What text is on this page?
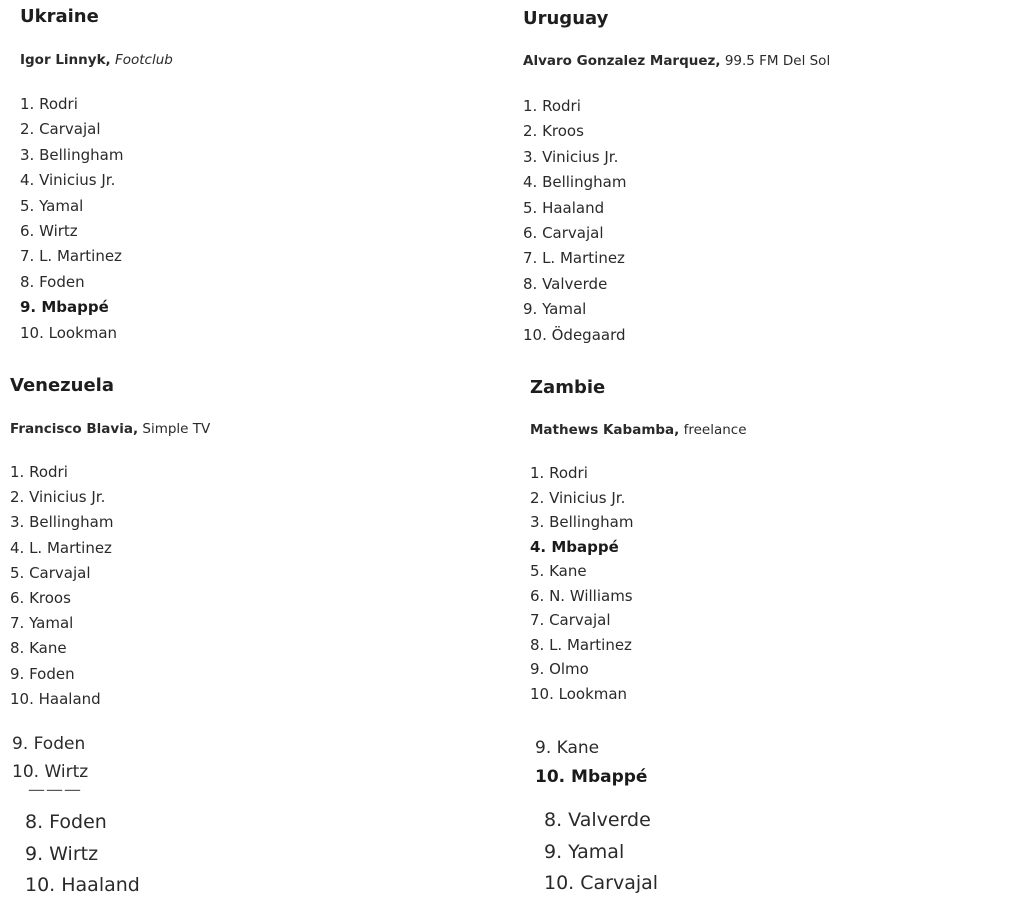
Ukraine

Igor Linnyk, Footclub

1. Rodri
2. Carvajal
3. Bellingham
4. Vinicius Jr.
5. Yamal
6. Wirtz
7. L. Martinez
8. Foden
9. Mbappé
10. Lookman
Uruguay

Alvaro Gonzalez Marquez, 99.5 FM Del Sol

1. Rodri
2. Kroos
3. Vinicius Jr.
4. Bellingham
5. Haaland
6. Carvajal
7. L. Martinez
8. Valverde
9. Yamal
10. Ödegaard
Venezuela

Francisco Blavia, Simple TV

1. Rodri
2. Vinicius Jr.
3. Bellingham
4. L. Martinez
5. Carvajal
6. Kroos
7. Yamal
8. Kane
9. Foden
10. Haaland
Zambie

Mathews Kabamba, freelance

1. Rodri
2. Vinicius Jr.
3. Bellingham
4. Mbappé
5. Kane
6. N. Williams
7. Carvajal
8. L. Martinez
9. Olmo
10. Lookman
9. Foden
10. Wirtz
9. Kane
10. Mbappé
———
8. Foden
9. Wirtz
10. Haaland
8. Valverde
9. Yamal
10. Carvajal
